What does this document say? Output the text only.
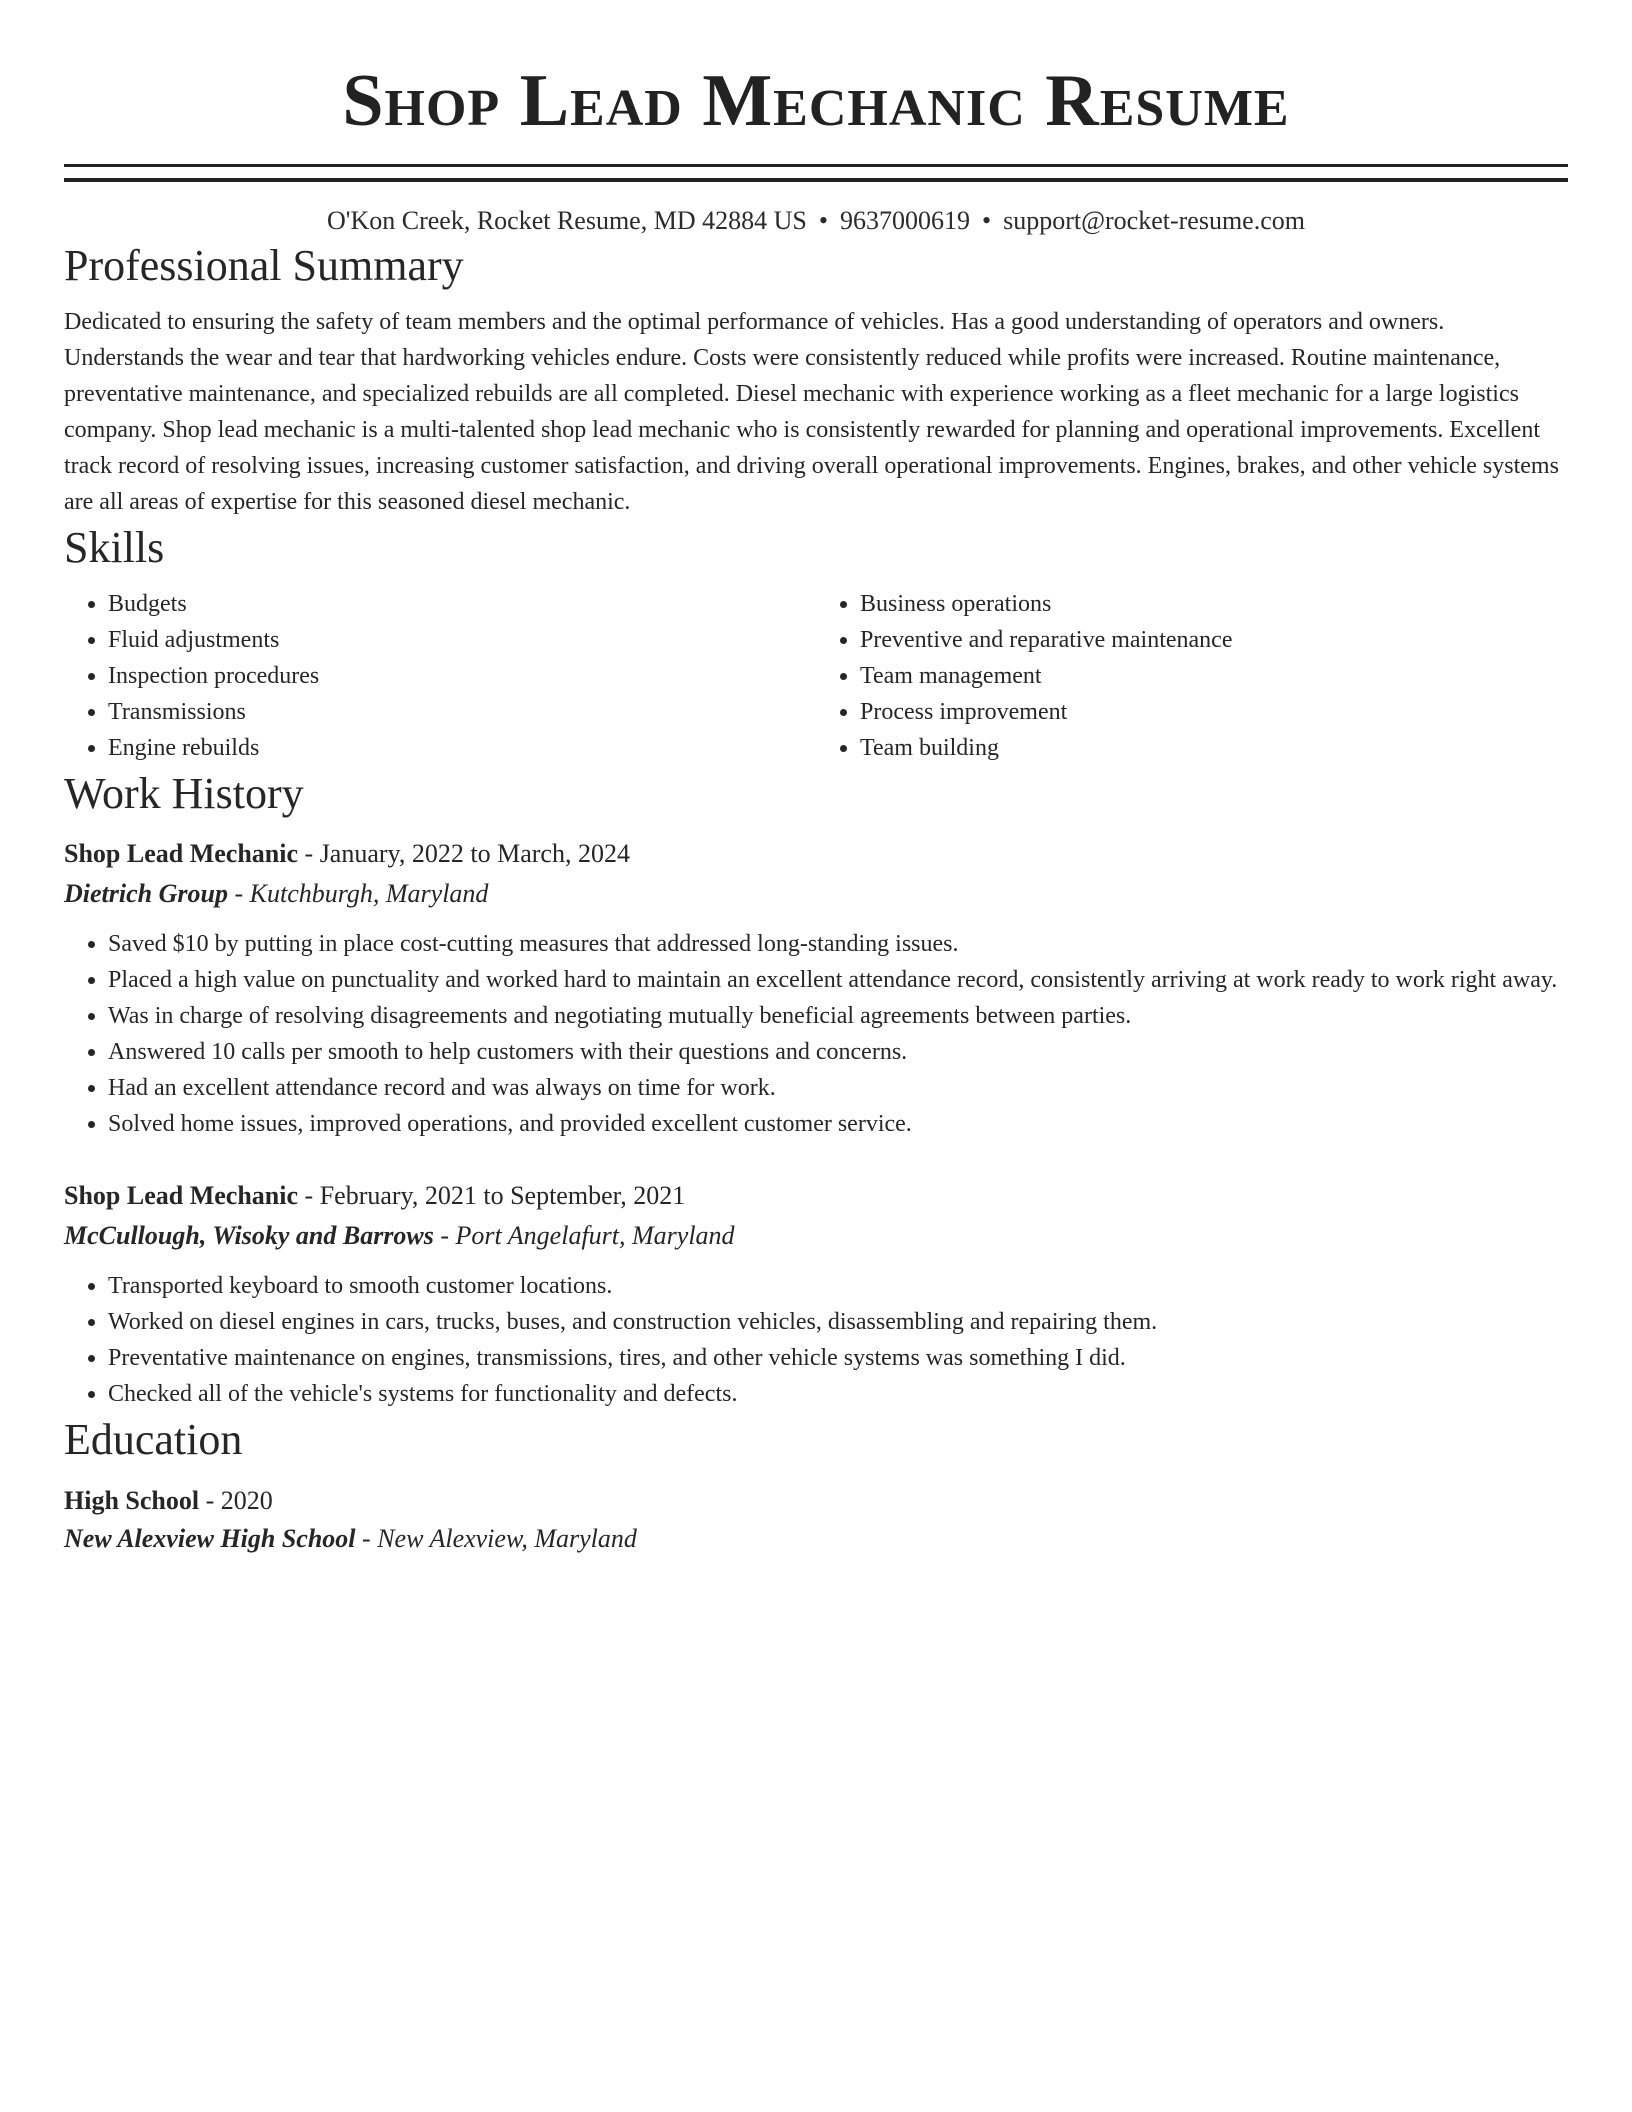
Shop Lead Mechanic Resume
O'Kon Creek, Rocket Resume, MD 42884 US • 9637000619 • support@rocket-resume.com
Professional Summary

Dedicated to ensuring the safety of team members and the optimal performance of vehicles. Has a good understanding of operators and owners. Understands the wear and tear that hardworking vehicles endure. Costs were consistently reduced while profits were increased. Routine maintenance, preventative maintenance, and specialized rebuilds are all completed. Diesel mechanic with experience working as a fleet mechanic for a large logistics company. Shop lead mechanic is a multi-talented shop lead mechanic who is consistently rewarded for planning and operational improvements. Excellent track record of resolving issues, increasing customer satisfaction, and driving overall operational improvements. Engines, brakes, and other vehicle systems are all areas of expertise for this seasoned diesel mechanic.

Skills
• Budgets
• Fluid adjustments
• Inspection procedures
• Transmissions
• Engine rebuilds
• Business operations
• Preventive and reparative maintenance
• Team management
• Process improvement
• Team building
Work History
Shop Lead Mechanic - January, 2022 to March, 2024
Dietrich Group - Kutchburgh, Maryland
• Saved $10 by putting in place cost-cutting measures that addressed long-standing issues.
• Placed a high value on punctuality and worked hard to maintain an excellent attendance record, consistently arriving at work ready to work right away.
• Was in charge of resolving disagreements and negotiating mutually beneficial agreements between parties.
• Answered 10 calls per smooth to help customers with their questions and concerns.
• Had an excellent attendance record and was always on time for work.
• Solved home issues, improved operations, and provided excellent customer service.
Shop Lead Mechanic - February, 2021 to September, 2021
McCullough, Wisoky and Barrows - Port Angelafurt, Maryland
• Transported keyboard to smooth customer locations.
• Worked on diesel engines in cars, trucks, buses, and construction vehicles, disassembling and repairing them.
• Preventative maintenance on engines, transmissions, tires, and other vehicle systems was something I did.
• Checked all of the vehicle's systems for functionality and defects.
Education
High School - 2020
New Alexview High School - New Alexview, Maryland
